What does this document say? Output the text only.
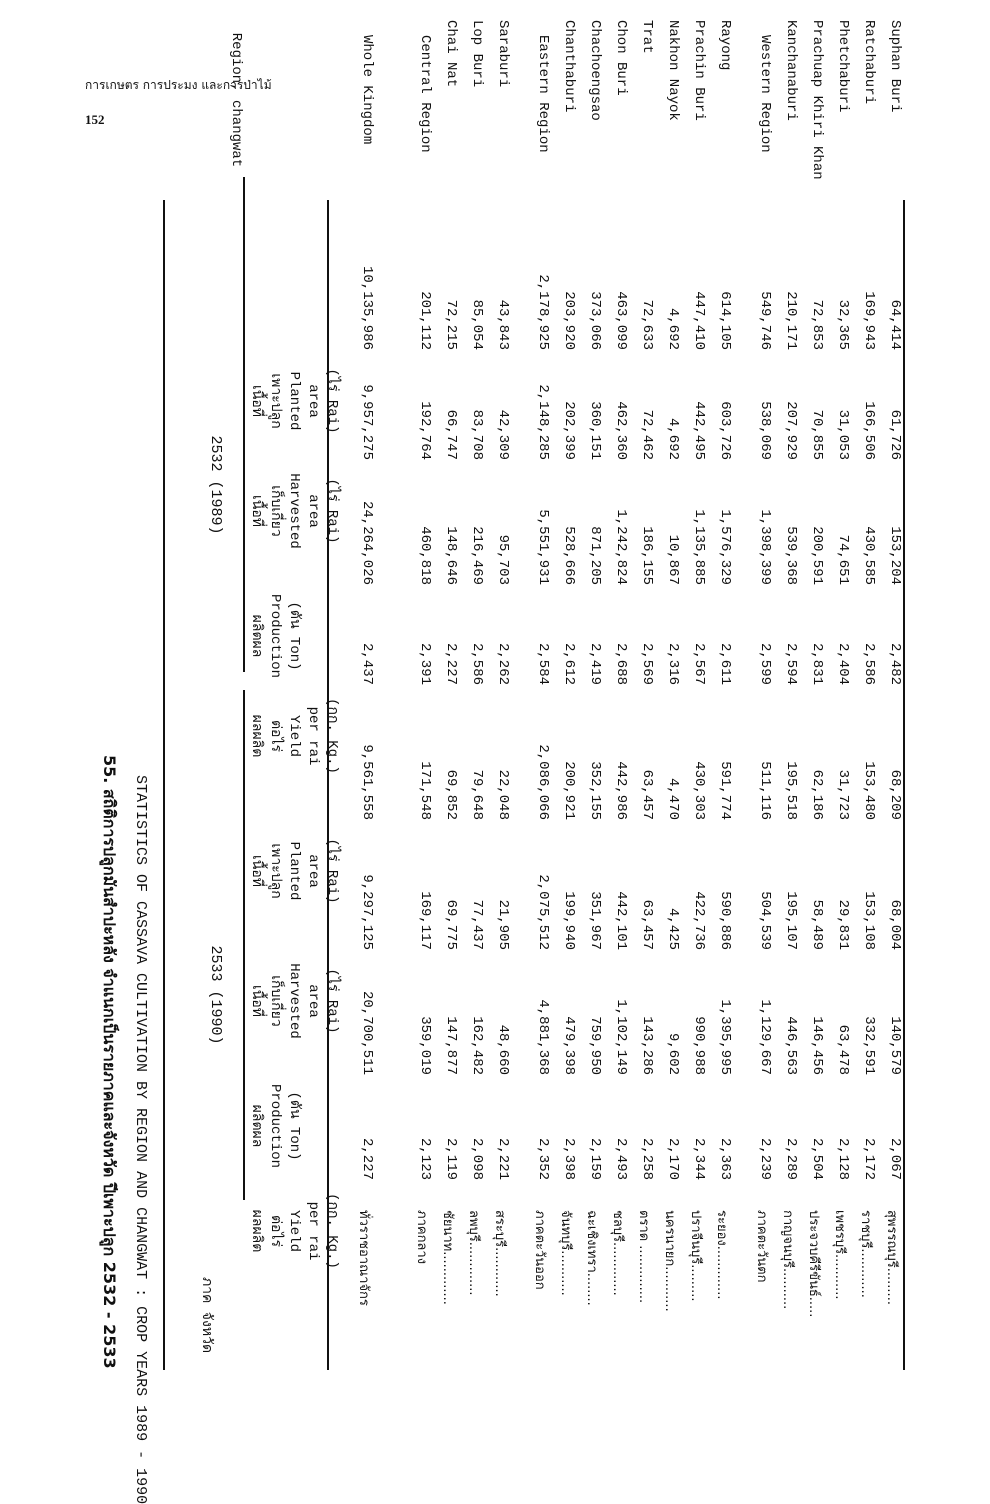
การเกษตร การประมง และการป่าไม้
152
55. สถิติการปลูกมันสำปะหลัง จำแนกเป็นรายภาคและจังหวัด ปีเพาะปลูก 2532 - 2533 STATISTICS OF CASSAVA CULTIVATION BY REGION AND CHANGWAT : CROP YEARS 1989 - 1990	ภาค จังหวัด
Region, changwat
2532 (1989)
2533 (1990)
เนื้อที่ เพาะปลูก Planted area (ไร่ Rai)
เนื้อที่ เก็บเกี่ยว Harvested area (ไร่ Rai)
ผลิตผล Production (ตัน Ton)
ผลผลิต ต่อไร่ Yield per rai (กก. Kg.)
เนื้อที่ เพาะปลูก Planted area (ไร่ Rai)
เนื้อที่ เก็บเกี่ยว Harvested area (ไร่ Rai)
ผลิตผล Production (ตัน Ton)
ผลผลิต ต่อไร่ Yield per rai (กก. Kg.) ทั่วราชอาณาจักร
10,135,986
9,957,275
24,264,026
2,437
9,561,558
9,297,125
20,700,511
2,227
Whole Kingdom
ภาคกลาง
201,112
192,764
460,818
2,391
171,548
169,117
359,019
2,123
Central Region
ชัยนาท.............
72,215
66,747
148,646
2,227
69,852
69,775
147,877
2,119
Chai Nat
ลพบุรี.............
85,054
83,708
216,469
2,586
79,648
77,437
162,482
2,098
Lop Buri
สระบุรี............
43,843
42,309
95,703
2,262
22,048
21,905
48,660
2,221
Saraburi
ภาคตะวันออก
2,178,925
2,148,285
5,551,931
2,584
2,086,066
2,075,512
4,881,368
2,352
Eastern Region
จันทบุรี...........
203,920
202,399
528,666
2,612
200,921
199,940
479,398
2,398
Chanthaburi
ฉะเชิงเทรา........
373,066
360,151
871,205
2,419
352,155
351,967
759,950
2,159
Chachoengsao
ชลบุรี.............
463,099
462,360
1,242,824
2,688
442,986
442,101
1,102,149
2,493
Chon Buri
ตราด ..............
72,633
72,462
186,155
2,569
63,457
63,457
143,286
2,258
Trat
นครนายก...........
4,692
4,692
10,867
2,316
4,470
4,425
9,602
2,170
Nakhon Nayok
ปราจีนบุรี.........
447,410
442,495
1,135,885
2,567
430,303
422,736
990,988
2,344
Prachin Buri
ระยอง.............
614,105
603,726
1,576,329
2,611
591,774
590,886
1,395,995
2,363
Rayong
ภาคตะวันตก
549,746
538,069
1,398,399
2,599
511,116
504,539
1,129,667
2,239
Western Region
กาญจนบุรี..........
210,171
207,929
539,368
2,594
195,518
195,107
446,563
2,289
Kanchanaburi
ประจวบคีรีขันธ์.....
72,853
70,855
200,591
2,831
62,186
58,489
146,456
2,504
Prachuap Khiri Khan
เพชรบุรี...........
32,365
31,053
74,651
2,404
31,723
29,831
63,478
2,128
Phetchaburi
ราชบุรี............
169,943
166,506
430,585
2,586
153,480
153,108
332,591
2,172
Ratchaburi
สุพรรณบุรี.........
64,414
61,726
153,204
2,482
68,209
68,004
140,579
2,067
Suphan Buri
